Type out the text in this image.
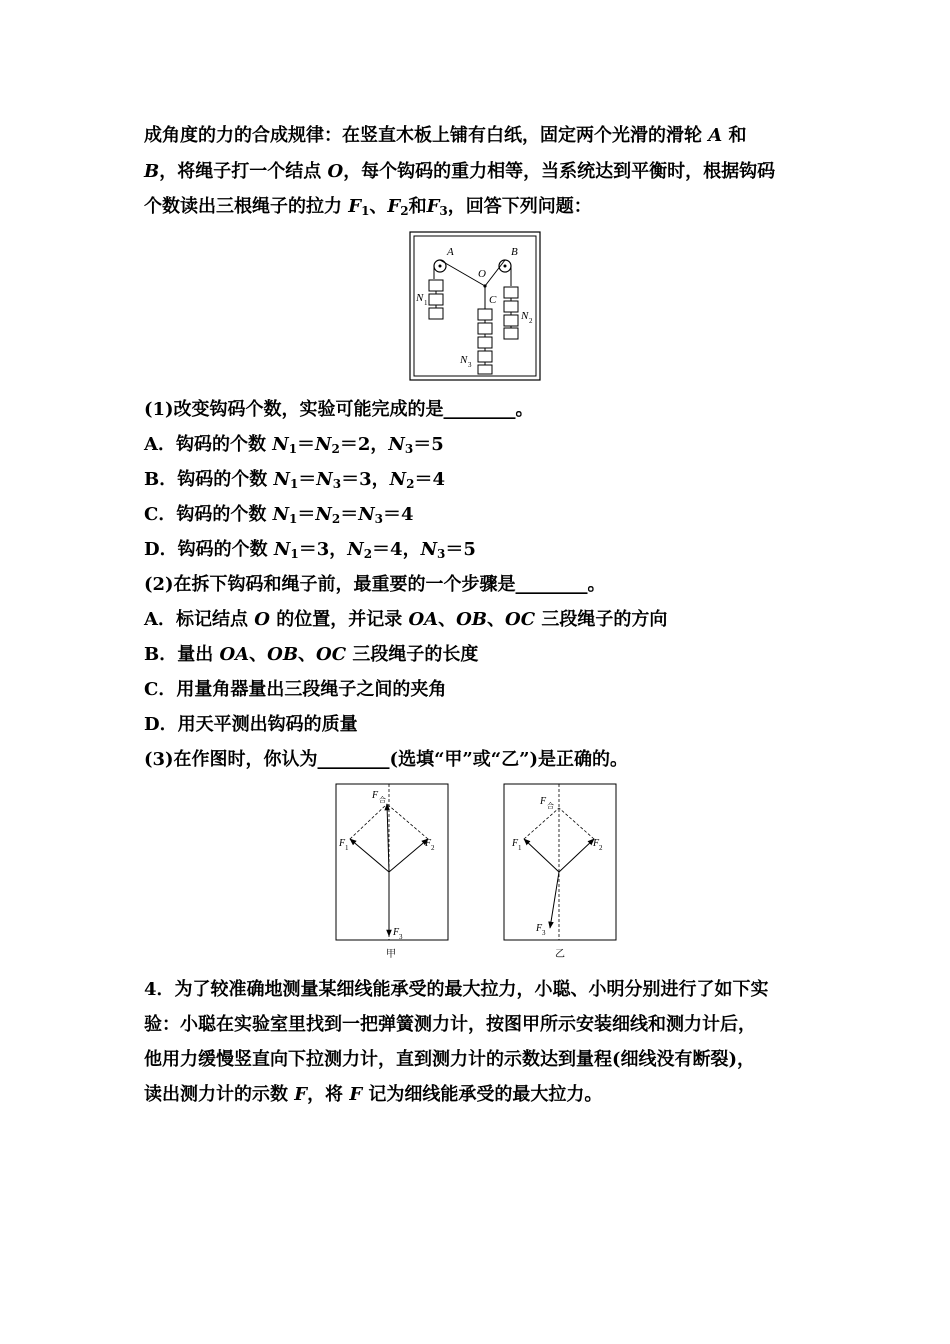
成角度的力的合成规律：在竖直木板上铺有白纸，固定两个光滑的滑轮 A 和
B，将绳子打一个结点 O，每个钩码的重力相等，当系统达到平衡时，根据钩码
个数读出三根绳子的拉力 $F_1$、$F_2$和$F_3$，回答下列问题：
A	B
O
C
N 1
N 2
N 3
(1)改变钩码个数，实验可能完成的是________。
A．钩码的个数 $N_1=N_2=2$，$N_3=5$
B．钩码的个数 $N_1=N_3=3$，$N_2=4$
C．钩码的个数 $N_1=N_2=N_3=4$
D．钩码的个数 $N_1=3$，$N_2=4$，$N_3=5$
(2)在拆下钩码和绳子前，最重要的一个步骤是________。
A．标记结点 O 的位置，并记录 OA、OB、OC 三段绳子的方向
B．量出 OA、OB、OC 三段绳子的长度
C．用量角器量出三段绳子之间的夹角
D．用天平测出钩码的质量
(3)在作图时，你认为________(选填“甲”或“乙”)是正确的。
F 合
F 1	F 2
F 3
甲
F 合
F 1	F 2
F 3
乙
4．为了较准确地测量某细线能承受的最大拉力，小聪、小明分别进行了如下实
验：小聪在实验室里找到一把弹簧测力计，按图甲所示安装细线和测力计后，
他用力缓慢竖直向下拉测力计，直到测力计的示数达到量程(细线没有断裂)，
读出测力计的示数 F，将 F 记为细线能承受的最大拉力。
